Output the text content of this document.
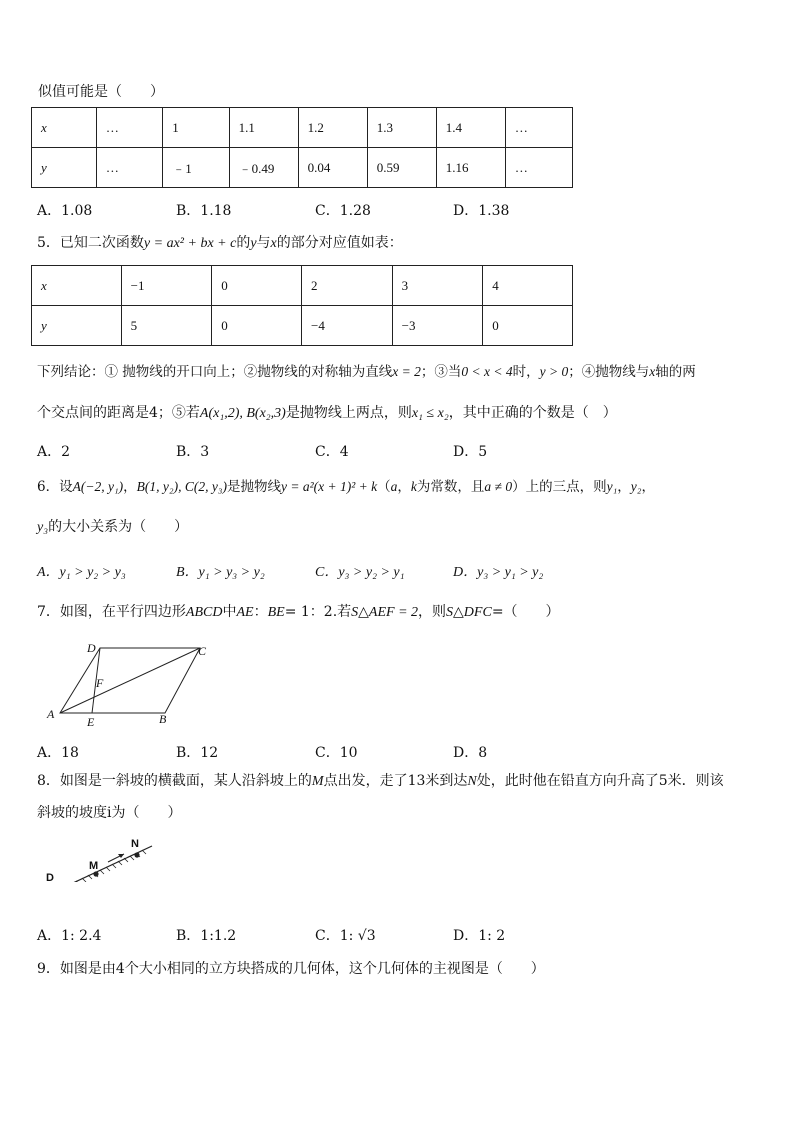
似值可能是（　　）
x	…	1	1.1	1.2	1.3	1.4	…
y	…	﹣1	﹣0.49	0.04	0.59	1.16	…
A．1.08	B．1.18	C．1.28	D．1.38
5．已知二次函数y = ax² + bx + c的y与x的部分对应值如表：
x	−1	0	2	3	4
y	5	0	−4	−3	0
下列结论：① 抛物线的开口向上；②抛物线的对称轴为直线x = 2；③当0 < x < 4时，y > 0；④抛物线与x轴的两
个交点间的距离是4；⑤若A(x₁,2), B(x₂,3)是抛物线上两点，则x₁ ≤ x₂，其中正确的个数是（　）
A．2	B．3	C．4	D．5
6．设A(−2, y₁)，B(1, y₂), C(2, y₃)是抛物线y = a²(x + 1)² + k（a，k为常数，且a ≠ 0）上的三点，则y₁，y₂，
y₃的大小关系为（　　）
A．y₁ > y₂ > y₃	B．y₁ > y₃ > y₂	C．y₃ > y₂ > y₁	D．y₃ > y₁ > y₂
7．如图，在平行四边形ABCD中AE：BE= 1：2.若S△AEF = 2，则S△DFC=（　　）
D	C
F
A
E	B
A．18	B．12	C．10	D．8
8．如图是一斜坡的横截面，某人沿斜坡上的M点出发，走了13米到达N处，此时他在铅直方向升高了5米．则该
斜坡的坡度i为（　　）
M
N
D
A．1: 2.4	B．1:1.2	C．1: √3	D．1: 2
9．如图是由4个大小相同的立方块搭成的几何体，这个几何体的主视图是（　　）
